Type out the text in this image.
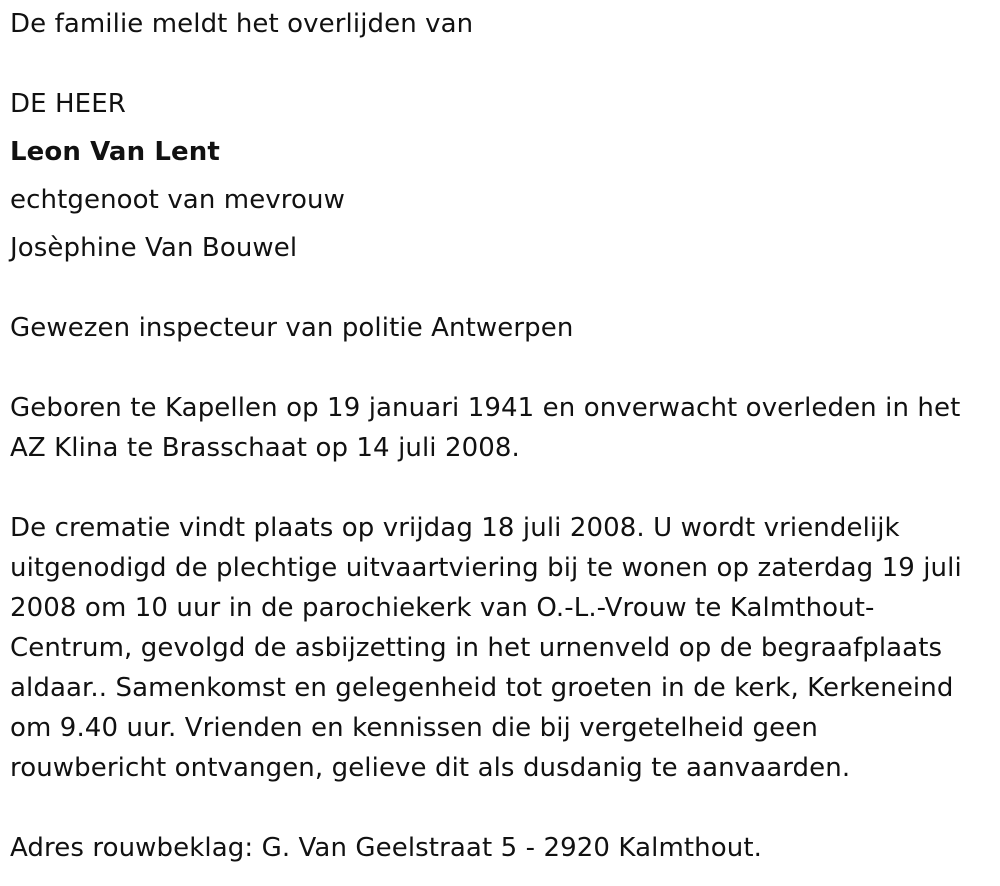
De familie meldt het overlijden van
DE HEER
Leon Van Lent
echtgenoot van mevrouw
Josèphine Van Bouwel
Gewezen inspecteur van politie Antwerpen
Geboren te Kapellen op 19 januari 1941 en onverwacht overleden in het
AZ Klina te Brasschaat op 14 juli 2008.
De crematie vindt plaats op vrijdag 18 juli 2008. U wordt vriendelijk
uitgenodigd de plechtige uitvaartviering bij te wonen op zaterdag 19 juli
2008 om 10 uur in de parochiekerk van O.-L.-Vrouw te Kalmthout-
Centrum, gevolgd de asbijzetting in het urnenveld op de begraafplaats
aldaar.. Samenkomst en gelegenheid tot groeten in de kerk, Kerkeneind
om 9.40 uur. Vrienden en kennissen die bij vergetelheid geen
rouwbericht ontvangen, gelieve dit als dusdanig te aanvaarden.
Adres rouwbeklag: G. Van Geelstraat 5 - 2920 Kalmthout.
